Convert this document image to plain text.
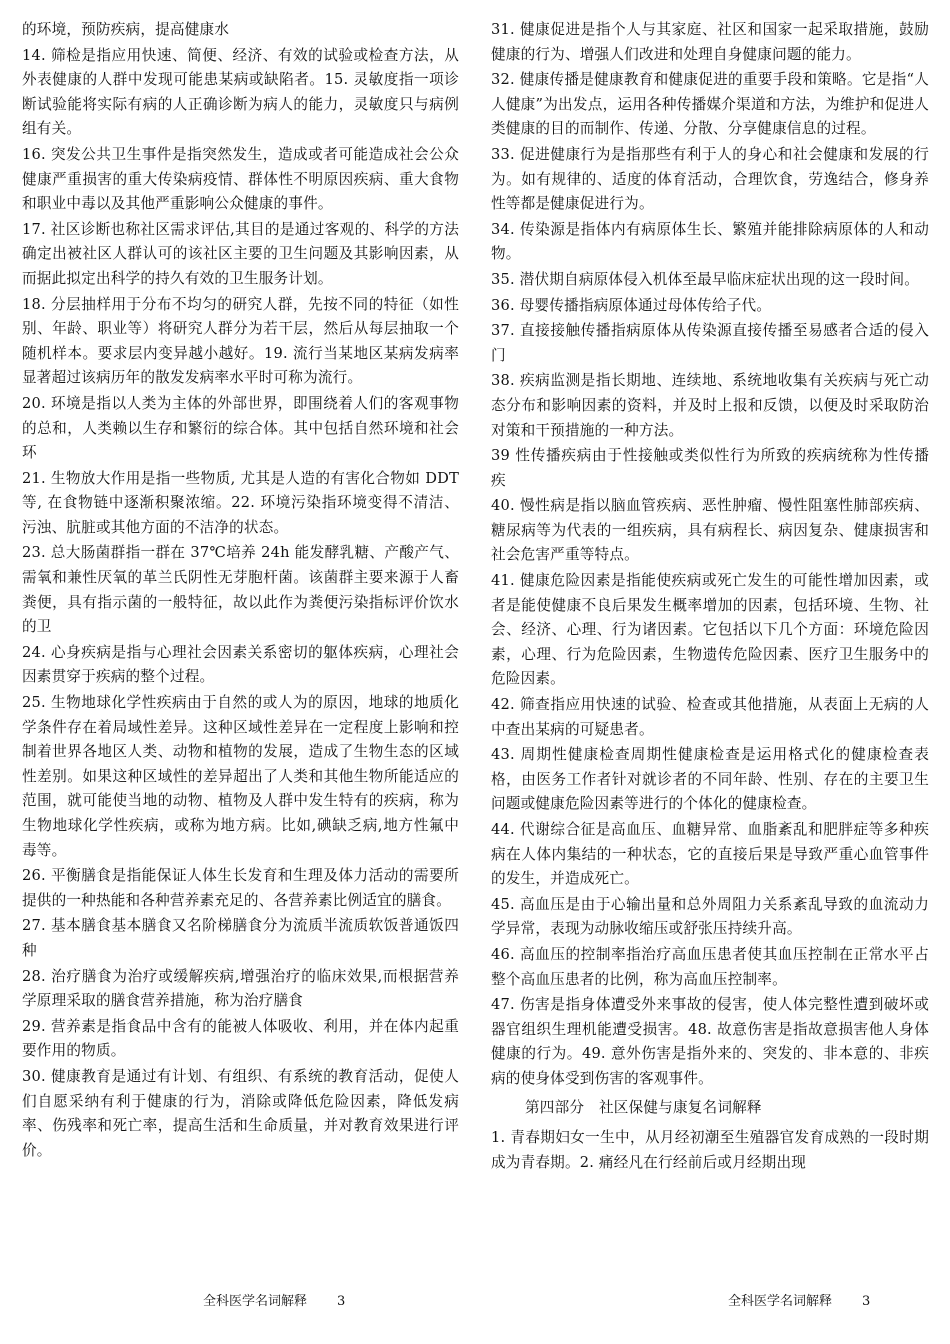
的环境，预防疾病，提高健康水

14. 筛检是指应用快速、简便、经济、有效的试验或检查方法，从外表健康的人群中发现可能患某病或缺陷者。15. 灵敏度指一项诊断试验能将实际有病的人正确诊断为病人的能力，灵敏度只与病例组有关。

16. 突发公共卫生事件是指突然发生，造成或者可能造成社会公众健康严重损害的重大传染病疫情、群体性不明原因疾病、重大食物和职业中毒以及其他严重影响公众健康的事件。

17. 社区诊断也称社区需求评估,其目的是通过客观的、科学的方法确定出被社区人群认可的该社区主要的卫生问题及其影响因素，从而据此拟定出科学的持久有效的卫生服务计划。

18. 分层抽样用于分布不均匀的研究人群，先按不同的特征（如性别、年龄、职业等）将研究人群分为若干层，然后从每层抽取一个随机样本。要求层内变异越小越好。19. 流行当某地区某病发病率显著超过该病历年的散发发病率水平时可称为流行。

20. 环境是指以人类为主体的外部世界，即围绕着人们的客观事物的总和，人类赖以生存和繁衍的综合体。其中包括自然环境和社会环

21. 生物放大作用是指一些物质, 尤其是人造的有害化合物如 DDT 等, 在食物链中逐渐积聚浓缩。22. 环境污染指环境变得不清洁、污浊、肮脏或其他方面的不洁净的状态。

23. 总大肠菌群指一群在 37℃培养 24h 能发酵乳糖、产酸产气、需氧和兼性厌氧的革兰氏阴性无芽胞杆菌。该菌群主要来源于人畜粪便，具有指示菌的一般特征，故以此作为粪便污染指标评价饮水的卫

24. 心身疾病是指与心理社会因素关系密切的躯体疾病，心理社会因素贯穿于疾病的整个过程。

25. 生物地球化学性疾病由于自然的或人为的原因，地球的地质化学条件存在着局域性差异。这种区域性差异在一定程度上影响和控制着世界各地区人类、动物和植物的发展，造成了生物生态的区域性差别。如果这种区域性的差异超出了人类和其他生物所能适应的范围，就可能使当地的动物、植物及人群中发生特有的疾病，称为生物地球化学性疾病，或称为地方病。比如,碘缺乏病,地方性氟中毒等。

26. 平衡膳食是指能保证人体生长发育和生理及体力活动的需要所提供的一种热能和各种营养素充足的、各营养素比例适宜的膳食。

27. 基本膳食基本膳食又名阶梯膳食分为流质半流质软饭普通饭四种

28. 治疗膳食为治疗或缓解疾病,增强治疗的临床效果,而根据营养学原理采取的膳食营养措施，称为治疗膳食

29. 营养素是指食品中含有的能被人体吸收、利用，并在体内起重要作用的物质。

30. 健康教育是通过有计划、有组织、有系统的教育活动，促使人们自愿采纳有利于健康的行为，消除或降低危险因素，降低发病率、伤残率和死亡率，提高生活和生命质量，并对教育效果进行评价。

31. 健康促进是指个人与其家庭、社区和国家一起采取措施，鼓励健康的行为、增强人们改进和处理自身健康问题的能力。

32. 健康传播是健康教育和健康促进的重要手段和策略。它是指“人人健康”为出发点，运用各种传播媒介渠道和方法，为维护和促进人类健康的目的而制作、传递、分散、分享健康信息的过程。

33. 促进健康行为是指那些有利于人的身心和社会健康和发展的行为。如有规律的、适度的体育活动，合理饮食，劳逸结合，修身养性等都是健康促进行为。

34. 传染源是指体内有病原体生长、繁殖并能排除病原体的人和动物。

35. 潜伏期自病原体侵入机体至最早临床症状出现的这一段时间。

36. 母婴传播指病原体通过母体传给子代。

37. 直接接触传播指病原体从传染源直接传播至易感者合适的侵入门

38. 疾病监测是指长期地、连续地、系统地收集有关疾病与死亡动态分布和影响因素的资料，并及时上报和反馈，以便及时采取防治对策和干预措施的一种方法。

39 性传播疾病由于性接触或类似性行为所致的疾病统称为性传播疾

40. 慢性病是指以脑血管疾病、恶性肿瘤、慢性阻塞性肺部疾病、糖尿病等为代表的一组疾病，具有病程长、病因复杂、健康损害和社会危害严重等特点。

41. 健康危险因素是指能使疾病或死亡发生的可能性增加因素，或者是能使健康不良后果发生概率增加的因素，包括环境、生物、社会、经济、心理、行为诸因素。它包括以下几个方面：环境危险因素，心理、行为危险因素，生物遗传危险因素、医疗卫生服务中的危险因素。

42. 筛查指应用快速的试验、检查或其他措施，从表面上无病的人中查出某病的可疑患者。

43. 周期性健康检查周期性健康检查是运用格式化的健康检查表格，由医务工作者针对就诊者的不同年龄、性别、存在的主要卫生问题或健康危险因素等进行的个体化的健康检查。

44. 代谢综合征是高血压、血糖异常、血脂紊乱和肥胖症等多种疾病在人体内集结的一种状态，它的直接后果是导致严重心血管事件的发生，并造成死亡。

45. 高血压是由于心输出量和总外周阻力关系紊乱导致的血流动力学异常，表现为动脉收缩压或舒张压持续升高。

46. 高血压的控制率指治疗高血压患者使其血压控制在正常水平占整个高血压患者的比例，称为高血压控制率。

47. 伤害是指身体遭受外来事故的侵害，使人体完整性遭到破坏或器官组织生理机能遭受损害。48. 故意伤害是指故意损害他人身体健康的行为。49. 意外伤害是指外来的、突发的、非本意的、非疾病的使身体受到伤害的客观事件。

第四部分　社区保健与康复名词解释

1. 青春期妇女一生中，从月经初潮至生殖器官发育成熟的一段时期成为青春期。2. 痛经凡在行经前后或月经期出现

全科医学名词解释 3	全科医学名词解释 3
